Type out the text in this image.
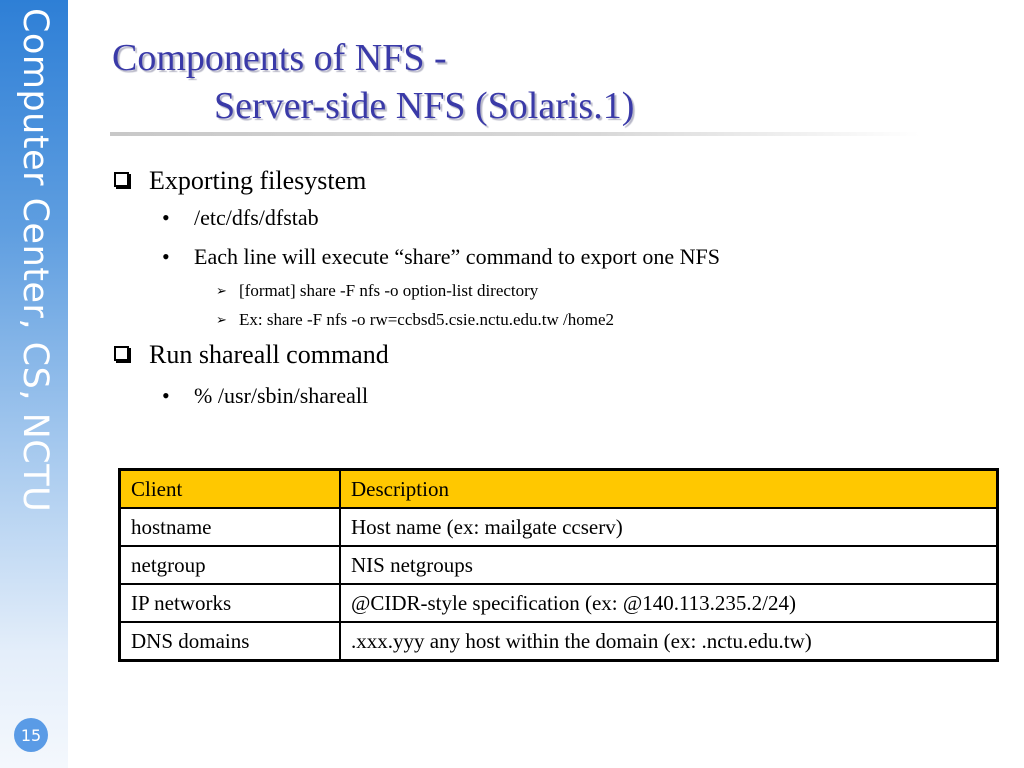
Computer Center, CS, NCTU
15
Components of NFS -
Server-side NFS (Solaris.1)
Exporting filesystem
• /etc/dfs/dfstab
• Each line will execute “share” command to export one NFS
➢ [format] share -F nfs -o option-list directory
➢ Ex: share -F nfs -o rw=ccbsd5.csie.nctu.edu.tw /home2
Run shareall command
• % /usr/sbin/shareall
Client	Description
hostname	Host name (ex: mailgate ccserv)
netgroup	NIS netgroups
IP networks	@CIDR-style specification (ex: @140.113.235.2/24)
DNS domains	.xxx.yyy any host within the domain (ex: .nctu.edu.tw)
